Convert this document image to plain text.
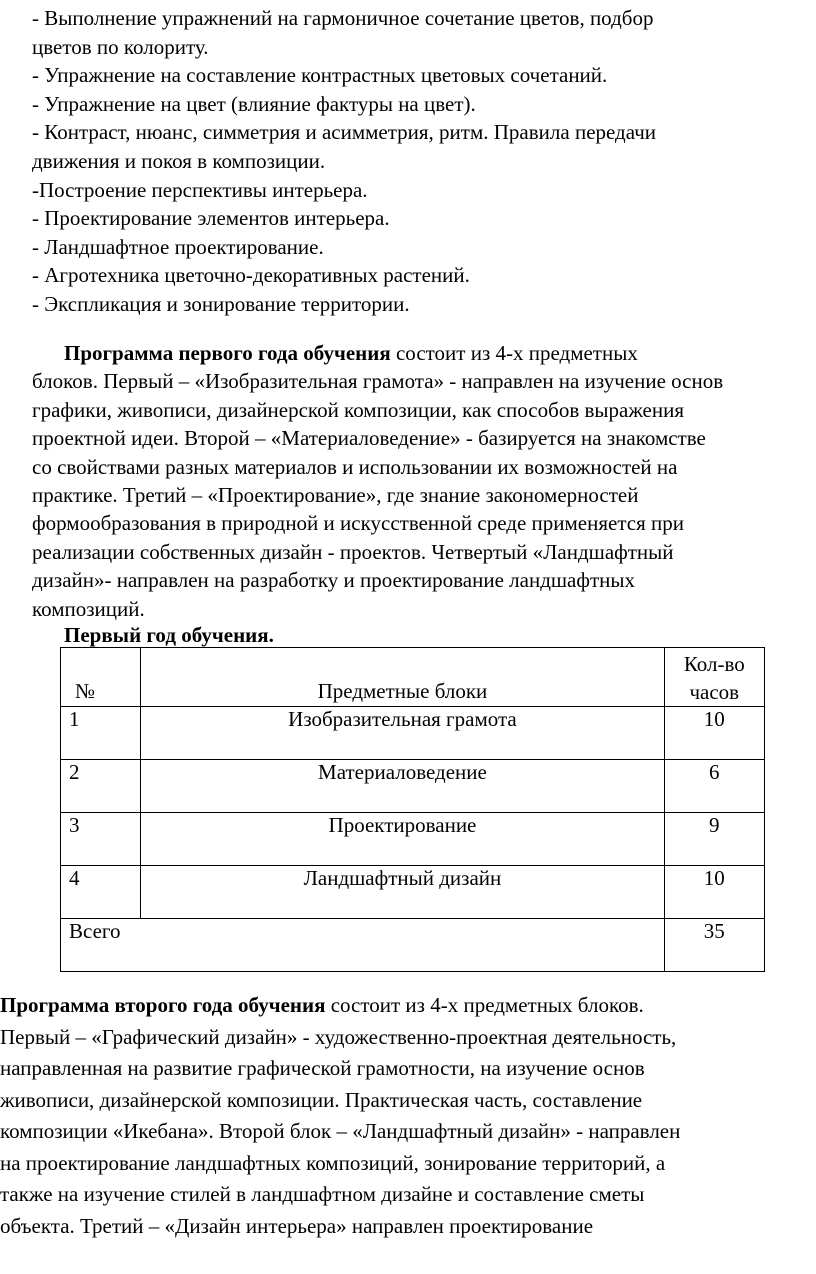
- Выполнение упражнений на гармоничное сочетание цветов, подбор

цветов по колориту.

- Упражнение на составление контрастных цветовых сочетаний.

- Упражнение на цвет (влияние фактуры на цвет).

- Контраст, нюанс, симметрия и асимметрия, ритм. Правила передачи

движения и покоя в композиции.

-Построение перспективы интерьера.

- Проектирование элементов интерьера.

- Ландшафтное проектирование.

- Агротехника цветочно-декоративных растений.

- Экспликация и зонирование территории.

Программа первого года обучения состоит из 4-х предметных
блоков. Первый – «Изобразительная грамота» - направлен на изучение основ
графики, живописи, дизайнерской композиции, как способов выражения
проектной идеи. Второй – «Материаловедение» - базируется на знакомстве
со свойствами разных материалов и использовании их возможностей на
практике. Третий – «Проектирование», где знание закономерностей
формообразования в природной и искусственной среде применяется при
реализации собственных дизайн - проектов. Четвертый «Ландшафтный
дизайн»- направлен на разработку и проектирование ландшафтных
композиций.

Первый год обучения.

№	Предметные блоки	Кол-во
часов
1	Изобразительная грамота	10
2	Материаловедение	6
3	Проектирование	9
4	Ландшафтный дизайн	10
Всего		35
Программа второго года обучения состоит из 4-х предметных блоков.
Первый – «Графический дизайн» - художественно-проектная деятельность,
направленная на развитие графической грамотности, на изучение основ
живописи, дизайнерской композиции. Практическая часть, составление
композиции «Икебана». Второй блок – «Ландшафтный дизайн» - направлен
на проектирование ландшафтных композиций, зонирование территорий, а
также на изучение стилей в ландшафтном дизайне и составление сметы
объекта. Третий – «Дизайн интерьера» направлен проектирование
